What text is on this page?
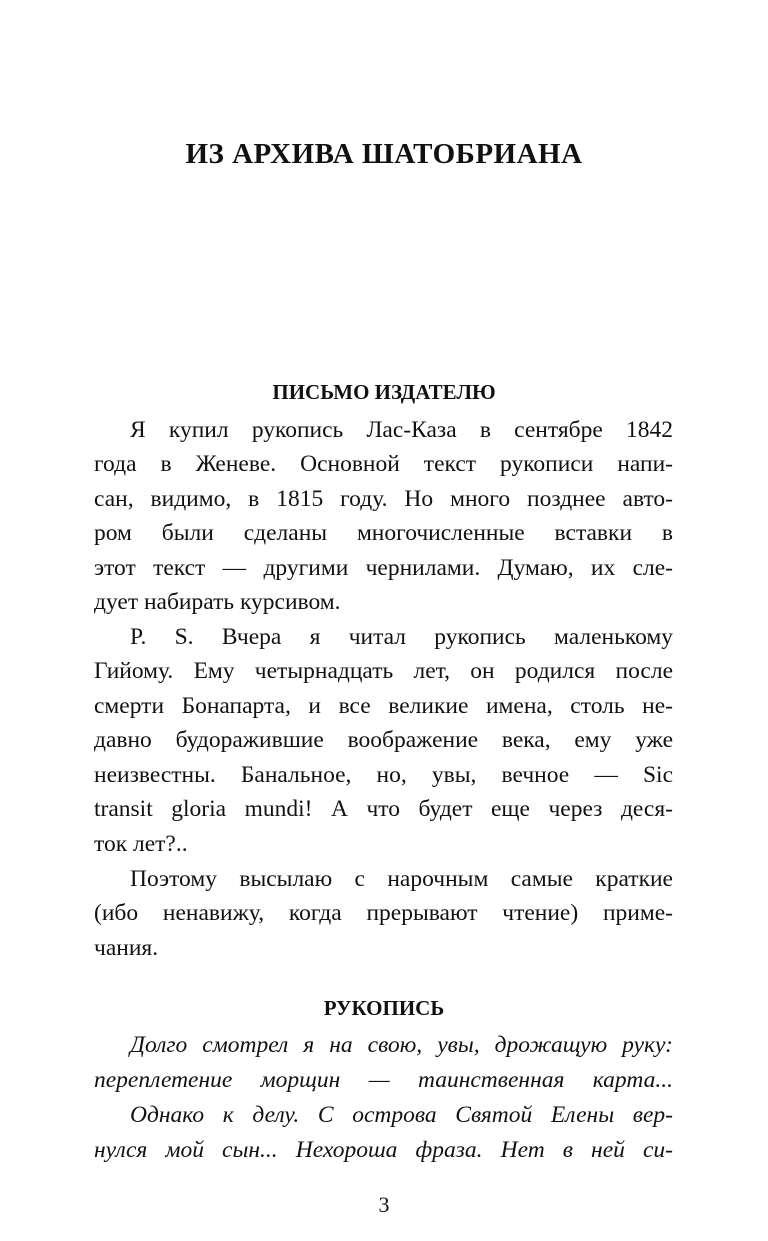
ИЗ АРХИВА ШАТОБРИАНА
ПИСЬМО ИЗДАТЕЛЮ
Я купил рукопись Лас-Каза в сентябре 1842
года в Женеве. Основной текст рукописи напи-
сан, видимо, в 1815 году. Но много позднее авто-
ром были сделаны многочисленные вставки в
этот текст — другими чернилами. Думаю, их сле-
дует набирать курсивом.
P. S. Вчера я читал рукопись маленькому
Гийому. Ему четырнадцать лет, он родился после
смерти Бонапарта, и все великие имена, столь не-
давно будоражившие воображение века, ему уже
неизвестны. Банальное, но, увы, вечное — Sic
transit gloria mundi! А что будет еще через деся-
ток лет?..
Поэтому высылаю с нарочным самые краткие
(ибо ненавижу, когда прерывают чтение) приме-
чания.
РУКОПИСЬ
Долго смотрел я на свою, увы, дрожащую руку:
переплетение морщин — таинственная карта...
Однако к делу. С острова Святой Елены вер-
нулся мой сын... Нехороша фраза. Нет в ней си-
3
